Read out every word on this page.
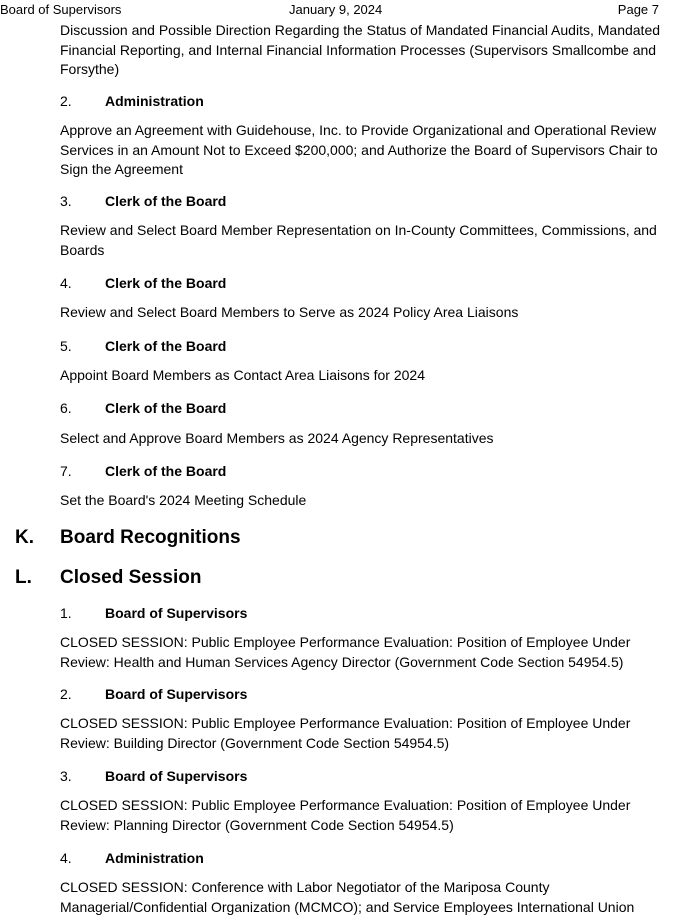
Board of Supervisors	January 9, 2024	Page 7
Discussion and Possible Direction Regarding the Status of Mandated Financial Audits, Mandated Financial Reporting, and Internal Financial Information Processes (Supervisors Smallcombe and Forsythe)
2. Administration
Approve an Agreement with Guidehouse, Inc. to Provide Organizational and Operational Review Services in an Amount Not to Exceed $200,000; and Authorize the Board of Supervisors Chair to Sign the Agreement
3. Clerk of the Board
Review and Select Board Member Representation on In-County Committees, Commissions, and Boards
4. Clerk of the Board
Review and Select Board Members to Serve as 2024 Policy Area Liaisons
5. Clerk of the Board
Appoint Board Members as Contact Area Liaisons for 2024
6. Clerk of the Board
Select and Approve Board Members as 2024 Agency Representatives
7. Clerk of the Board
Set the Board's 2024 Meeting Schedule
K. Board Recognitions
L. Closed Session
1. Board of Supervisors
CLOSED SESSION: Public Employee Performance Evaluation: Position of Employee Under Review: Health and Human Services Agency Director (Government Code Section 54954.5)
2. Board of Supervisors
CLOSED SESSION: Public Employee Performance Evaluation: Position of Employee Under Review: Building Director (Government Code Section 54954.5)
3. Board of Supervisors
CLOSED SESSION: Public Employee Performance Evaluation: Position of Employee Under Review: Planning Director (Government Code Section 54954.5)
4. Administration
CLOSED SESSION: Conference with Labor Negotiator of the Mariposa County Managerial/Confidential Organization (MCMCO); and Service Employees International Union
